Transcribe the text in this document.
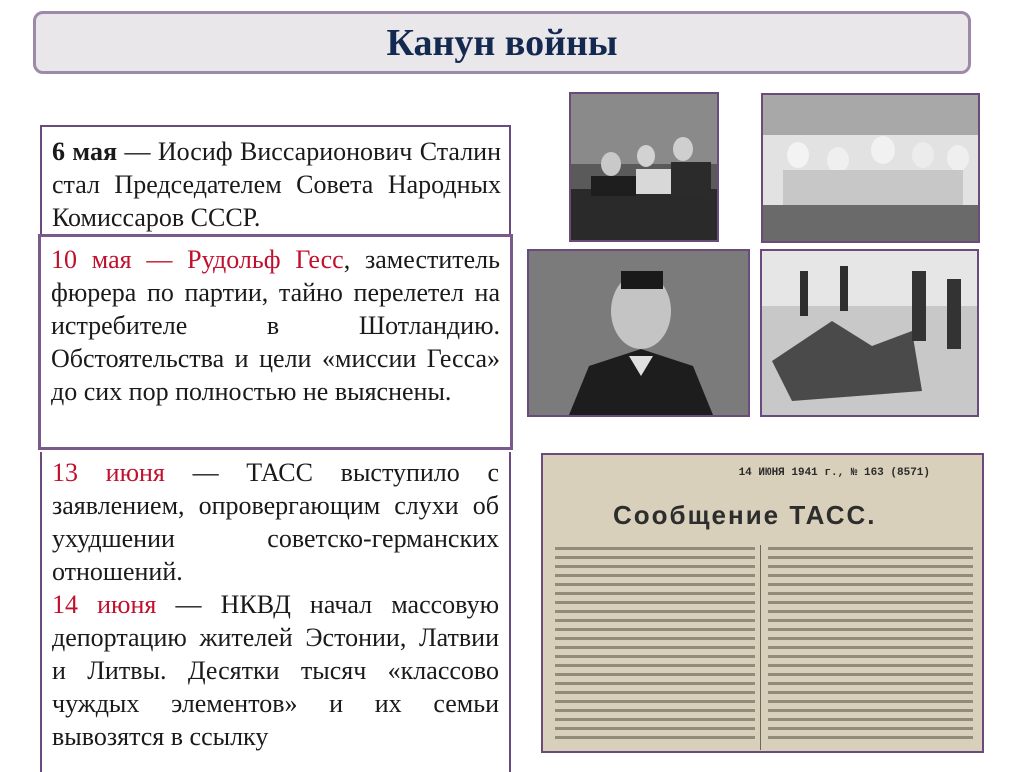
Канун войны

6 мая — Иосиф Виссарионович Сталин стал Председателем Совета Народных Комиссаров СССР.

10 мая — Рудольф Гесс, заместитель фюрера по партии, тайно перелетел на истребителе в Шотландию. Обстоятельства и цели «миссии Гесса» до сих пор полностью не выяснены.

13 июня — ТАСС выступило с заявлением, опровергающим слухи об ухудшении советско-германских отношений.

14 июня — НКВД начал массовую депортацию жителей Эстонии, Латвии и Литвы. Десятки тысяч «классово чуждых элементов» и их семьи вывозятся в ссылку

14 ИЮНЯ 1941 г., № 163 (8571)
Сообщение ТАСС.
